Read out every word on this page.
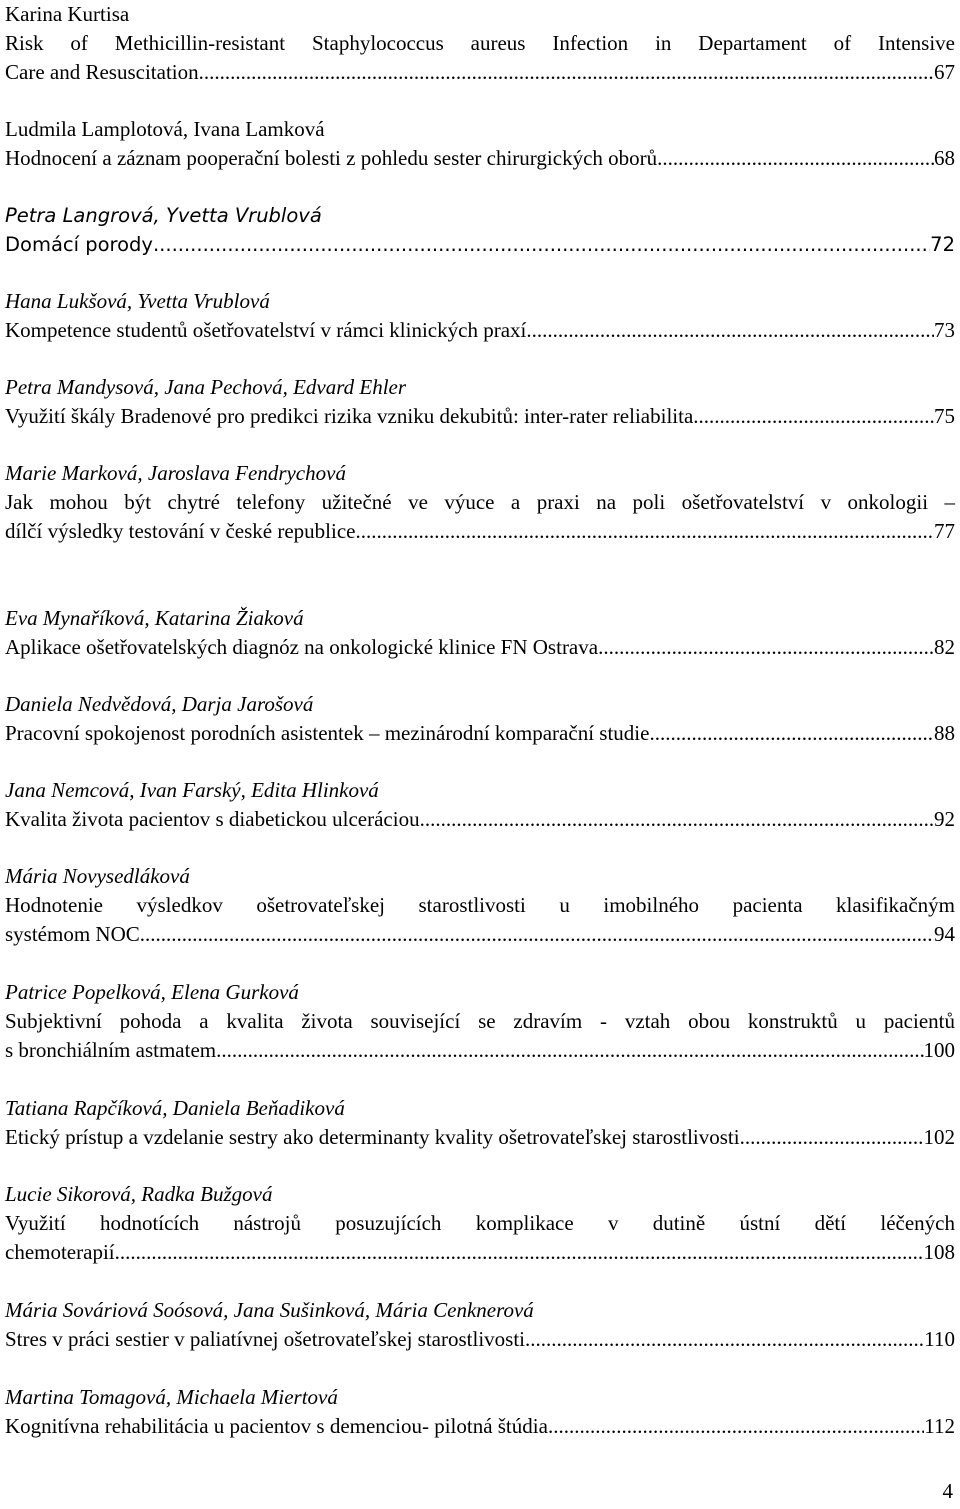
Karina Kurtisa
Risk of Methicillin-resistant Staphylococcus aureus Infection in Departament of Intensive
Care and Resuscitation .....	67
Ludmila Lamplotová, Ivana Lamková
Hodnocení a záznam pooperační bolesti z pohledu sester chirurgických oborů .....	68
Petra Langrová, Yvetta Vrublová
Domácí porody .....	72
Hana Lukšová, Yvetta Vrublová
Kompetence studentů ošetřovatelství v rámci klinických praxí .....	73
Petra Mandysová, Jana Pechová, Edvard Ehler
Využití škály Bradenové pro predikci rizika vzniku dekubitů: inter-rater reliabilita .....	75
Marie Marková, Jaroslava Fendrychová
Jak mohou být chytré telefony užitečné ve výuce a praxi na poli ošetřovatelství v onkologii –
dílčí výsledky testování v české republice .....	77
Eva Mynaříková, Katarina Žiaková
Aplikace ošetřovatelských diagnóz na onkologické klinice FN Ostrava .....	82
Daniela Nedvědová, Darja Jarošová
Pracovní spokojenost porodních asistentek – mezinárodní komparační studie .....	88
Jana Nemcová, Ivan Farský, Edita Hlinková
Kvalita života pacientov s diabetickou ulceráciou .....	92
Mária Novysedláková
Hodnotenie výsledkov ošetrovateľskej starostlivosti u imobilného pacienta klasifikačným
systémom NOC .....	94
Patrice Popelková, Elena Gurková
Subjektivní pohoda a kvalita života související se zdravím - vztah obou konstruktů u pacientů
s bronchiálním astmatem .....	100
Tatiana Rapčíková, Daniela Beňadiková
Etický prístup a vzdelanie sestry ako determinanty kvality ošetrovateľskej starostlivosti .....	102
Lucie Sikorová, Radka Bužgová
Využití hodnotících nástrojů posuzujících komplikace v dutině ústní dětí léčených
chemoterapií .....	108
Mária Sováriová Soósová, Jana Sušinková, Mária Cenknerová
Stres v práci sestier v paliatívnej ošetrovateľskej starostlivosti .....	110
Martina Tomagová, Michaela Miertová
Kognitívna rehabilitácia u pacientov s demenciou- pilotná štúdia .....	112
4
